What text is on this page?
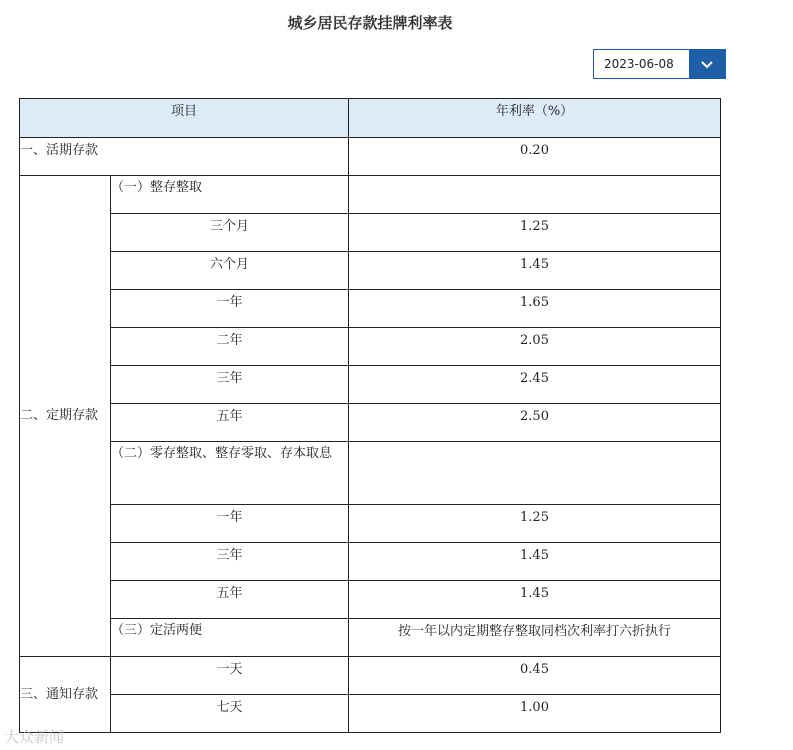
城乡居民存款挂牌利率表
2023-06-08
项目		年利率（%）
一、活期存款		0.20
二、定期存款	（一）整存整取	
	三个月	1.25
	六个月	1.45
	一年	1.65
	二年	2.05
	三年	2.45
	五年	2.50
	（二）零存整取、整存零取、存本取息	
	一年	1.25
	三年	1.45
	五年	1.45
	（三）定活两便	按一年以内定期整存整取同档次利率打六折执行
三、通知存款	一天	0.45
	七天	1.00
大众新闻
